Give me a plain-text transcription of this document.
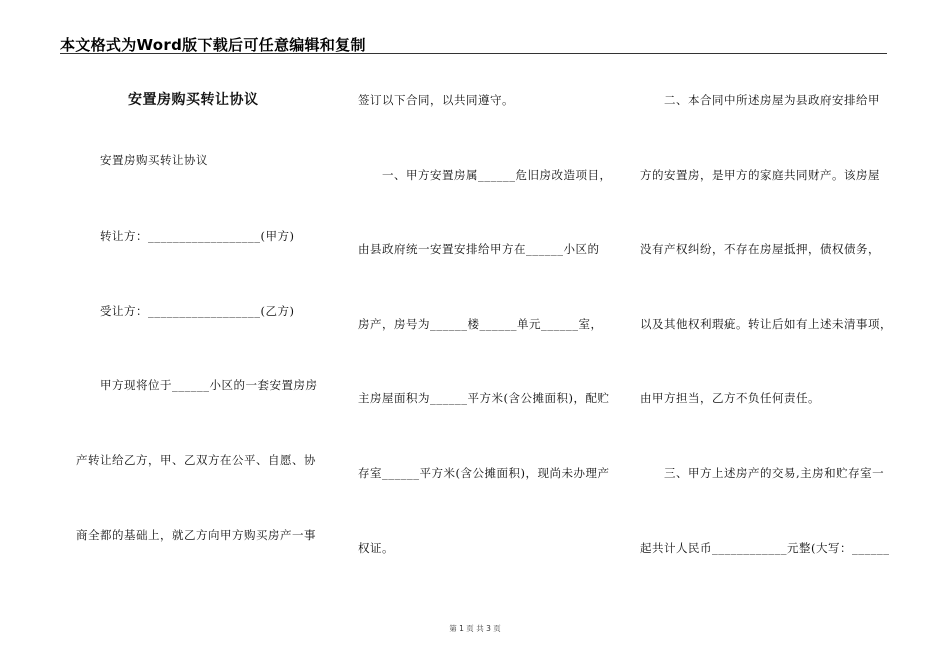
本文格式为Word版下载后可任意编辑和复制
安置房购买转让协议
安置房购买转让协议
转让方：__________________(甲方)
受让方：__________________(乙方)
甲方现将位于______小区的一套安置房房
产转让给乙方，甲、乙双方在公平、自愿、协
商全都的基础上，就乙方向甲方购买房产一事
签订以下合同，以共同遵守。
一、甲方安置房属______危旧房改造项目，
由县政府统一安置安排给甲方在______小区的
房产，房号为______楼______单元______室，
主房屋面积为______平方米(含公摊面积)，配贮
存室______平方米(含公摊面积)，现尚未办理产
权证。
二、本合同中所述房屋为县政府安排给甲
方的安置房，是甲方的家庭共同财产。该房屋
没有产权纠纷，不存在房屋抵押，债权债务，
以及其他权利瑕疵。转让后如有上述未清事项，
由甲方担当，乙方不负任何责任。
三、甲方上述房产的交易,主房和贮存室一
起共计人民币____________元整(大写：______
第 1 页 共 3 页
